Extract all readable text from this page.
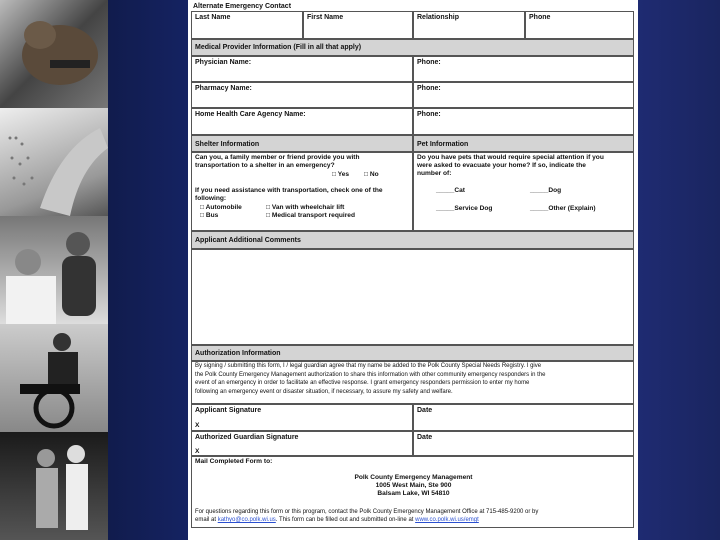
Alternate Emergency Contact
Last Name	First Name	Relationship	Phone
Medical Provider Information (Fill in all that apply)
Physician Name:	Phone:
Pharmacy Name:	Phone:
Home Health Care Agency Name:	Phone:
Shelter Information	Pet Information
Can you, a family member or friend provide you with
transportation to a shelter in an emergency?
□ Yes □ No
If you need assistance with transportation, check one of the
following:
□ Automobile	□ Van with wheelchair lift
□ Bus	□ Medical transport required
Do you have pets that would require special attention if you
were asked to evacuate your home? If so, indicate the
number of:
_____Cat	_____Dog
_____Service Dog	_____Other (Explain)
Applicant Additional Comments
Authorization Information
By signing / submitting this form, I / legal guardian agree that my name be added to the Polk County Special Needs Registry. I give
the Polk County Emergency Management authorization to share this information with other community emergency responders in the
event of an emergency in order to facilitate an effective response. I grant emergency responders permission to enter my home
following an emergency event or disaster situation, if necessary, to assure my safety and welfare.
Applicant Signature
X
Date
Authorized Guardian Signature
X
Date
Mail Completed Form to:
Polk County Emergency Management
1005 West Main, Ste 900
Balsam Lake, WI 54810
For questions regarding this form or this program, contact the Polk County Emergency Management Office at 715-485-9200 or by
email at kathyo@co.polk.wi.us. This form can be filled out and submitted on-line at www.co.polk.wi.us/emgt
